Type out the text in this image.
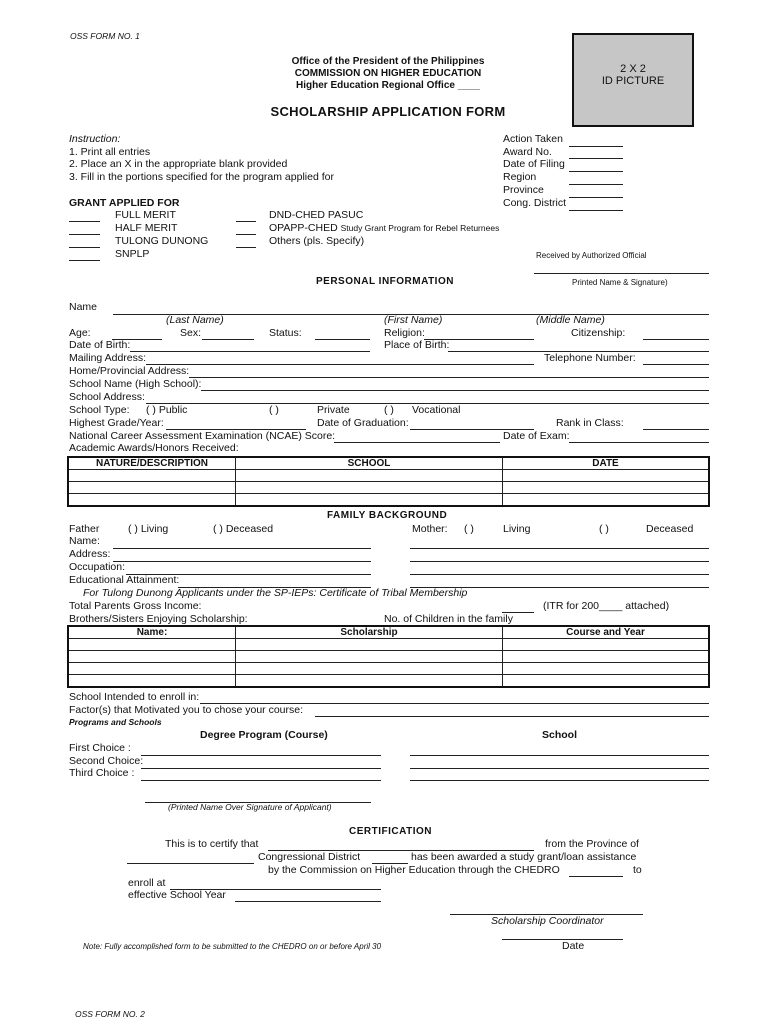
OSS FORM NO. 1
Office of the President of the Philippines
COMMISSION ON HIGHER EDUCATION
Higher Education Regional Office ____
SCHOLARSHIP APPLICATION FORM
2 X 2
ID PICTURE
Instruction:
1. Print all entries
2. Place an X in the appropriate blank provided
3. Fill in the portions specified for the program applied for
Action Taken
Award No.
Date of Filing
Region
Province
Cong. District
GRANT APPLIED FOR
FULL MERIT
HALF MERIT
TULONG DUNONG
SNPLP
DND-CHED PASUC
OPAPP-CHED Study Grant Program for Rebel Returnees
Others (pls. Specify)
Received by Authorized Official
Printed Name & Signature)
PERSONAL INFORMATION
Name
(Last Name)	(First Name)	(Middle Name)
Age:	Sex:	Status:	Religion:	Citizenship:
Date of Birth:	Place of Birth:
Mailing Address:	Telephone Number:
Home/Provincial Address:
School Name (High School):
School Address:
School Type: ( ) Public	( )	Private	( ) Vocational
Highest Grade/Year:	Date of Graduation:	Rank in Class:
National Career Assessment Examination (NCAE) Score:	Date of Exam:
Academic Awards/Honors Received:
NATURE/DESCRIPTION	SCHOOL	DATE

FAMILY BACKGROUND
Father	( ) Living	( ) Deceased	Mother: ( )	Living	( )	Deceased
Name:
Address:
Occupation:
Educational Attainment:
For Tulong Dunong Applicants under the SP-IEPs: Certificate of Tribal Membership
Total Parents Gross Income:	(ITR for 200____ attached)
Brothers/Sisters Enjoying Scholarship:	No. of Children in the family
Name:	Scholarship	Course and Year

School Intended to enroll in:
Factor(s) that Motivated you to chose your course:
Programs and Schools
Degree Program (Course)	School
First Choice :
Second Choice:
Third Choice :
(Printed Name Over Signature of Applicant)
CERTIFICATION
This is to certify that	from the Province of
Congressional District	has been awarded a study grant/loan assistance
by the Commission on Higher Education through the CHEDRO	to
enroll at
effective School Year
Scholarship Coordinator
Date
Note: Fully accomplished form to be submitted to the CHEDRO on or before April 30
OSS FORM NO. 2
